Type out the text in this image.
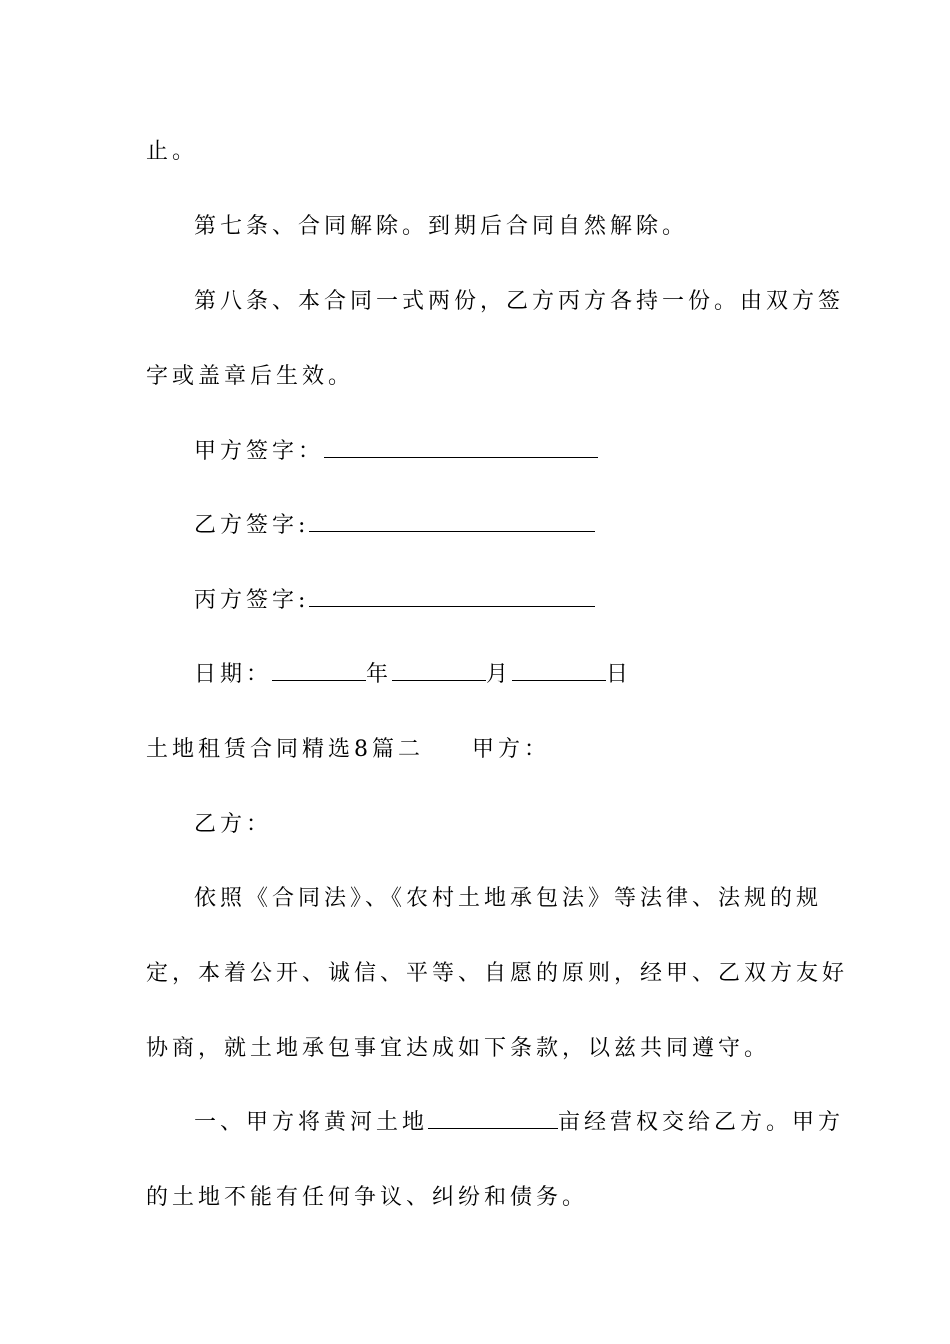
止。
第七条、合同解除。到期后合同自然解除。
第八条、本合同一式两份，乙方丙方各持一份。由双方签
字或盖章后生效。
甲方签字：
乙方签字:
丙方签字:
日期：	年	月	日
土地租赁合同精选8篇二 甲方：
乙方：
依照《合同法》、《农村土地承包法》等法律、法规的规
定，本着公开、诚信、平等、自愿的原则，经甲、乙双方友好
协商，就土地承包事宜达成如下条款，以兹共同遵守。
一、甲方将黄河土地	亩经营权交给乙方。甲方
的土地不能有任何争议、纠纷和债务。
